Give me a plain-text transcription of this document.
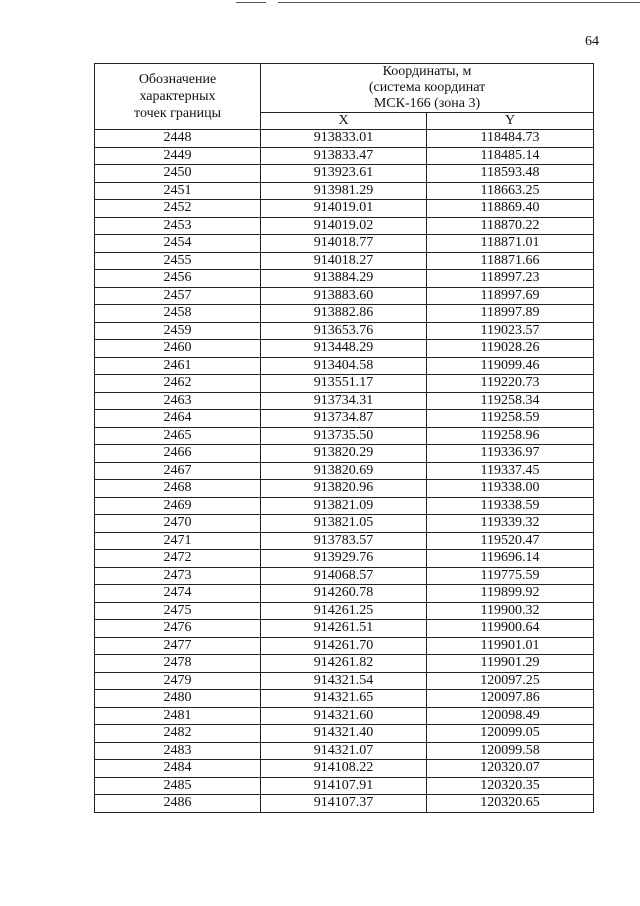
64
Обозначение
характерных
точек границы	Координаты, м
(система координат
МСК-166 (зона 3)	
	X	Y
2448	913833.01	118484.73
2449	913833.47	118485.14
2450	913923.61	118593.48
2451	913981.29	118663.25
2452	914019.01	118869.40
2453	914019.02	118870.22
2454	914018.77	118871.01
2455	914018.27	118871.66
2456	913884.29	118997.23
2457	913883.60	118997.69
2458	913882.86	118997.89
2459	913653.76	119023.57
2460	913448.29	119028.26
2461	913404.58	119099.46
2462	913551.17	119220.73
2463	913734.31	119258.34
2464	913734.87	119258.59
2465	913735.50	119258.96
2466	913820.29	119336.97
2467	913820.69	119337.45
2468	913820.96	119338.00
2469	913821.09	119338.59
2470	913821.05	119339.32
2471	913783.57	119520.47
2472	913929.76	119696.14
2473	914068.57	119775.59
2474	914260.78	119899.92
2475	914261.25	119900.32
2476	914261.51	119900.64
2477	914261.70	119901.01
2478	914261.82	119901.29
2479	914321.54	120097.25
2480	914321.65	120097.86
2481	914321.60	120098.49
2482	914321.40	120099.05
2483	914321.07	120099.58
2484	914108.22	120320.07
2485	914107.91	120320.35
2486	914107.37	120320.65
